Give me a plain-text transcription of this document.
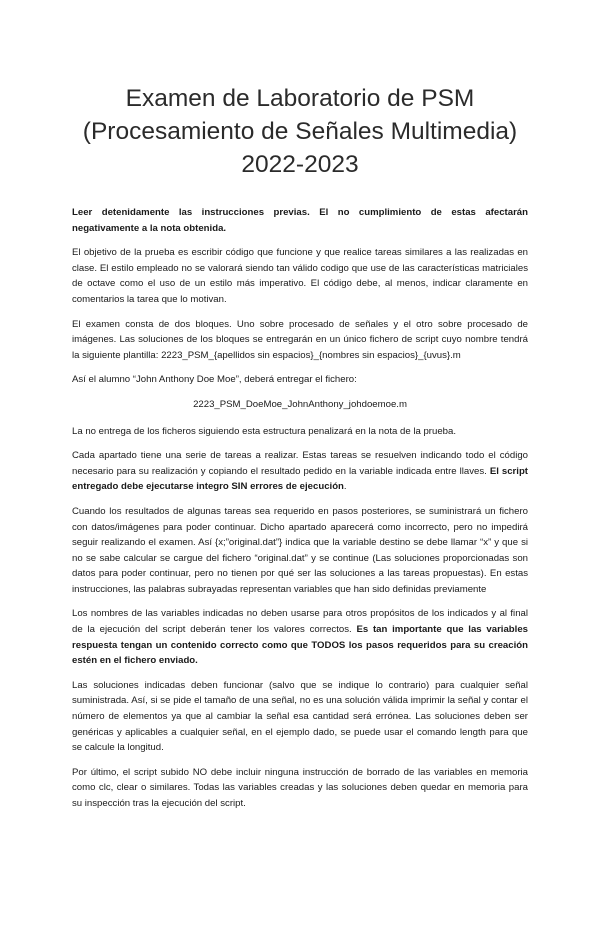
Examen de Laboratorio de PSM
(Procesamiento de Señales Multimedia)
2022-2023

Leer detenidamente las instrucciones previas. El no cumplimiento de estas afectarán negativamente a la nota obtenida.

El objetivo de la prueba es escribir código que funcione y que realice tareas similares a las realizadas en clase. El estilo empleado no se valorará siendo tan válido codigo que use de las características matriciales de octave como el uso de un estilo más imperativo. El código debe, al menos, indicar claramente en comentarios la tarea que lo motivan.

El examen consta de dos bloques. Uno sobre procesado de señales y el otro sobre procesado de imágenes. Las soluciones de los bloques se entregarán en un único fichero de script cuyo nombre tendrá la siguiente plantilla: 2223_PSM_{apellidos sin espacios}_{nombres sin espacios}_{uvus}.m

Así el alumno “John Anthony Doe Moe”, deberá entregar el fichero:

2223_PSM_DoeMoe_JohnAnthony_johdoemoe.m

La no entrega de los ficheros siguiendo esta estructura penalizará en la nota de la prueba.

Cada apartado tiene una serie de tareas a realizar. Estas tareas se resuelven indicando todo el código necesario para su realización y copiando el resultado pedido en la variable indicada entre llaves. El script entregado debe ejecutarse integro SIN errores de ejecución.

Cuando los resultados de algunas tareas sea requerido en pasos posteriores, se suministrará un fichero con datos/imágenes para poder continuar. Dicho apartado aparecerá como incorrecto, pero no impedirá seguir realizando el examen. Así {x;”original.dat”} indica que la variable destino se debe llamar “x” y que si no se sabe calcular se cargue del fichero “original.dat” y se continue (Las soluciones proporcionadas son datos para poder continuar, pero no tienen por qué ser las soluciones a las tareas propuestas). En estas instrucciones, las palabras subrayadas representan variables que han sido definidas previamente

Los nombres de las variables indicadas no deben usarse para otros propósitos de los indicados y al final de la ejecución del script deberán tener los valores correctos. Es tan importante que las variables respuesta tengan un contenido correcto como que TODOS los pasos requeridos para su creación estén en el fichero enviado.

Las soluciones indicadas deben funcionar (salvo que se indique lo contrario) para cualquier señal suministrada. Así, si se pide el tamaño de una señal, no es una solución válida imprimir la señal y contar el número de elementos ya que al cambiar la señal esa cantidad será errónea. Las soluciones deben ser genéricas y aplicables a cualquier señal, en el ejemplo dado, se puede usar el comando length para que se calcule la longitud.

Por último, el script subido NO debe incluir ninguna instrucción de borrado de las variables en memoria como clc, clear o similares. Todas las variables creadas y las soluciones deben quedar en memoria para su inspección tras la ejecución del script.
